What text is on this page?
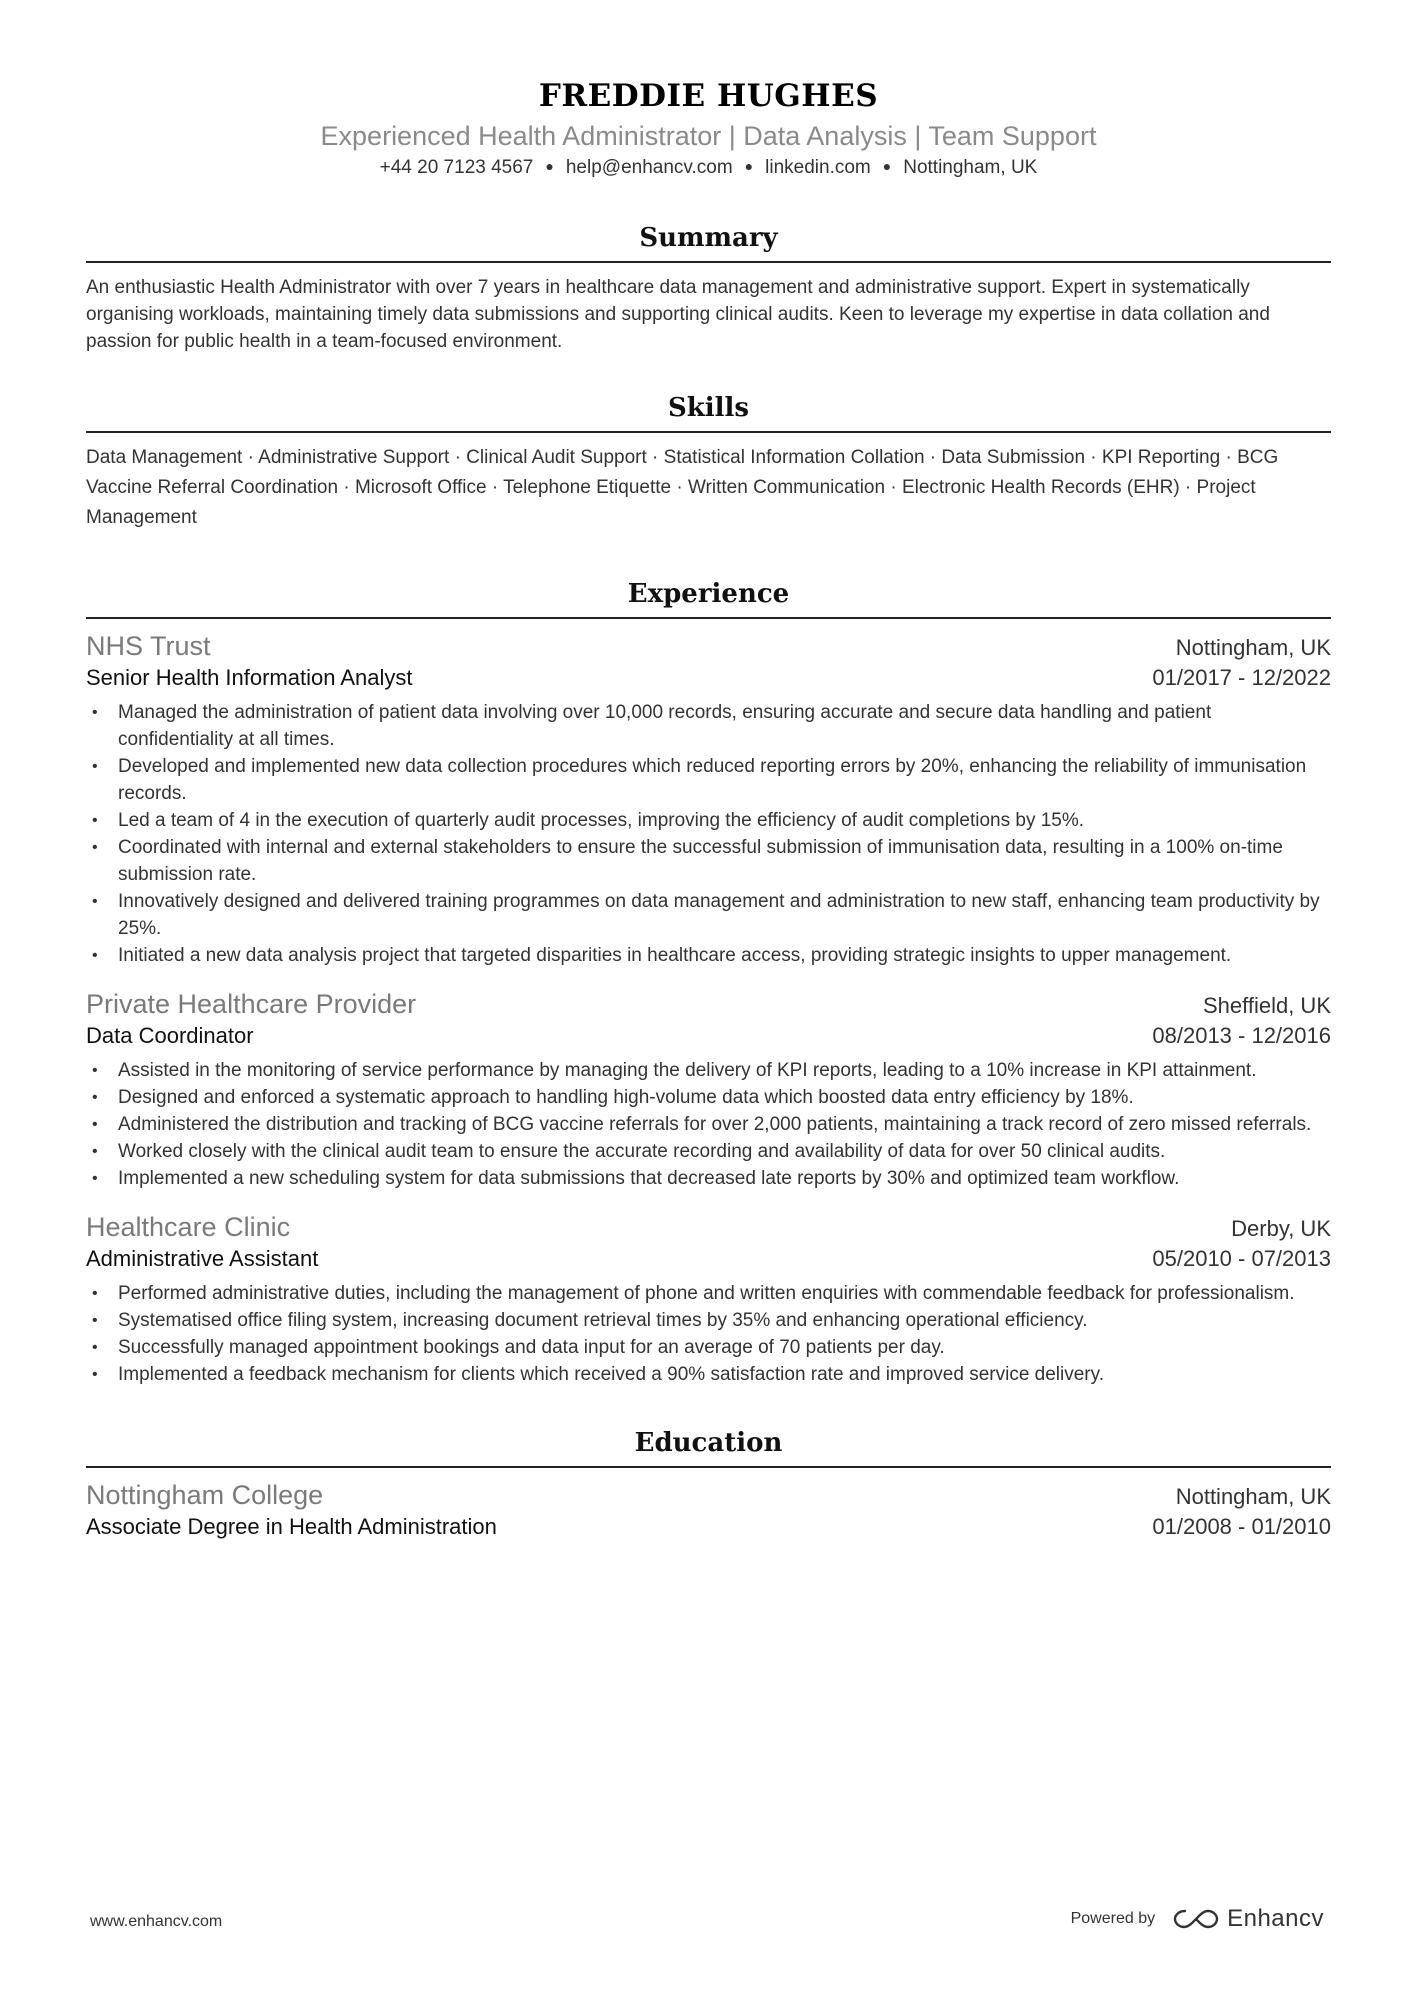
FREDDIE HUGHES
Experienced Health Administrator | Data Analysis | Team Support
+44 20 7123 4567 ● help@enhancv.com ● linkedin.com ● Nottingham, UK
Summary
An enthusiastic Health Administrator with over 7 years in healthcare data management and administrative support. Expert in systematically organising workloads, maintaining timely data submissions and supporting clinical audits. Keen to leverage my expertise in data collation and passion for public health in a team-focused environment.
Skills
Data Management · Administrative Support · Clinical Audit Support · Statistical Information Collation · Data Submission · KPI Reporting · BCG Vaccine Referral Coordination · Microsoft Office · Telephone Etiquette · Written Communication · Electronic Health Records (EHR) · Project Management
Experience
NHS Trust	Nottingham, UK
Senior Health Information Analyst	01/2017 - 12/2022
• Managed the administration of patient data involving over 10,000 records, ensuring accurate and secure data handling and patient confidentiality at all times.
• Developed and implemented new data collection procedures which reduced reporting errors by 20%, enhancing the reliability of immunisation records.
• Led a team of 4 in the execution of quarterly audit processes, improving the efficiency of audit completions by 15%.
• Coordinated with internal and external stakeholders to ensure the successful submission of immunisation data, resulting in a 100% on-time submission rate.
• Innovatively designed and delivered training programmes on data management and administration to new staff, enhancing team productivity by 25%.
• Initiated a new data analysis project that targeted disparities in healthcare access, providing strategic insights to upper management.
Private Healthcare Provider	Sheffield, UK
Data Coordinator	08/2013 - 12/2016
• Assisted in the monitoring of service performance by managing the delivery of KPI reports, leading to a 10% increase in KPI attainment.
• Designed and enforced a systematic approach to handling high-volume data which boosted data entry efficiency by 18%.
• Administered the distribution and tracking of BCG vaccine referrals for over 2,000 patients, maintaining a track record of zero missed referrals.
• Worked closely with the clinical audit team to ensure the accurate recording and availability of data for over 50 clinical audits.
• Implemented a new scheduling system for data submissions that decreased late reports by 30% and optimized team workflow.
Healthcare Clinic	Derby, UK
Administrative Assistant	05/2010 - 07/2013
• Performed administrative duties, including the management of phone and written enquiries with commendable feedback for professionalism.
• Systematised office filing system, increasing document retrieval times by 35% and enhancing operational efficiency.
• Successfully managed appointment bookings and data input for an average of 70 patients per day.
• Implemented a feedback mechanism for clients which received a 90% satisfaction rate and improved service delivery.
Education
Nottingham College	Nottingham, UK
Associate Degree in Health Administration	01/2008 - 01/2010
www.enhancv.com	Powered by	Enhancv
